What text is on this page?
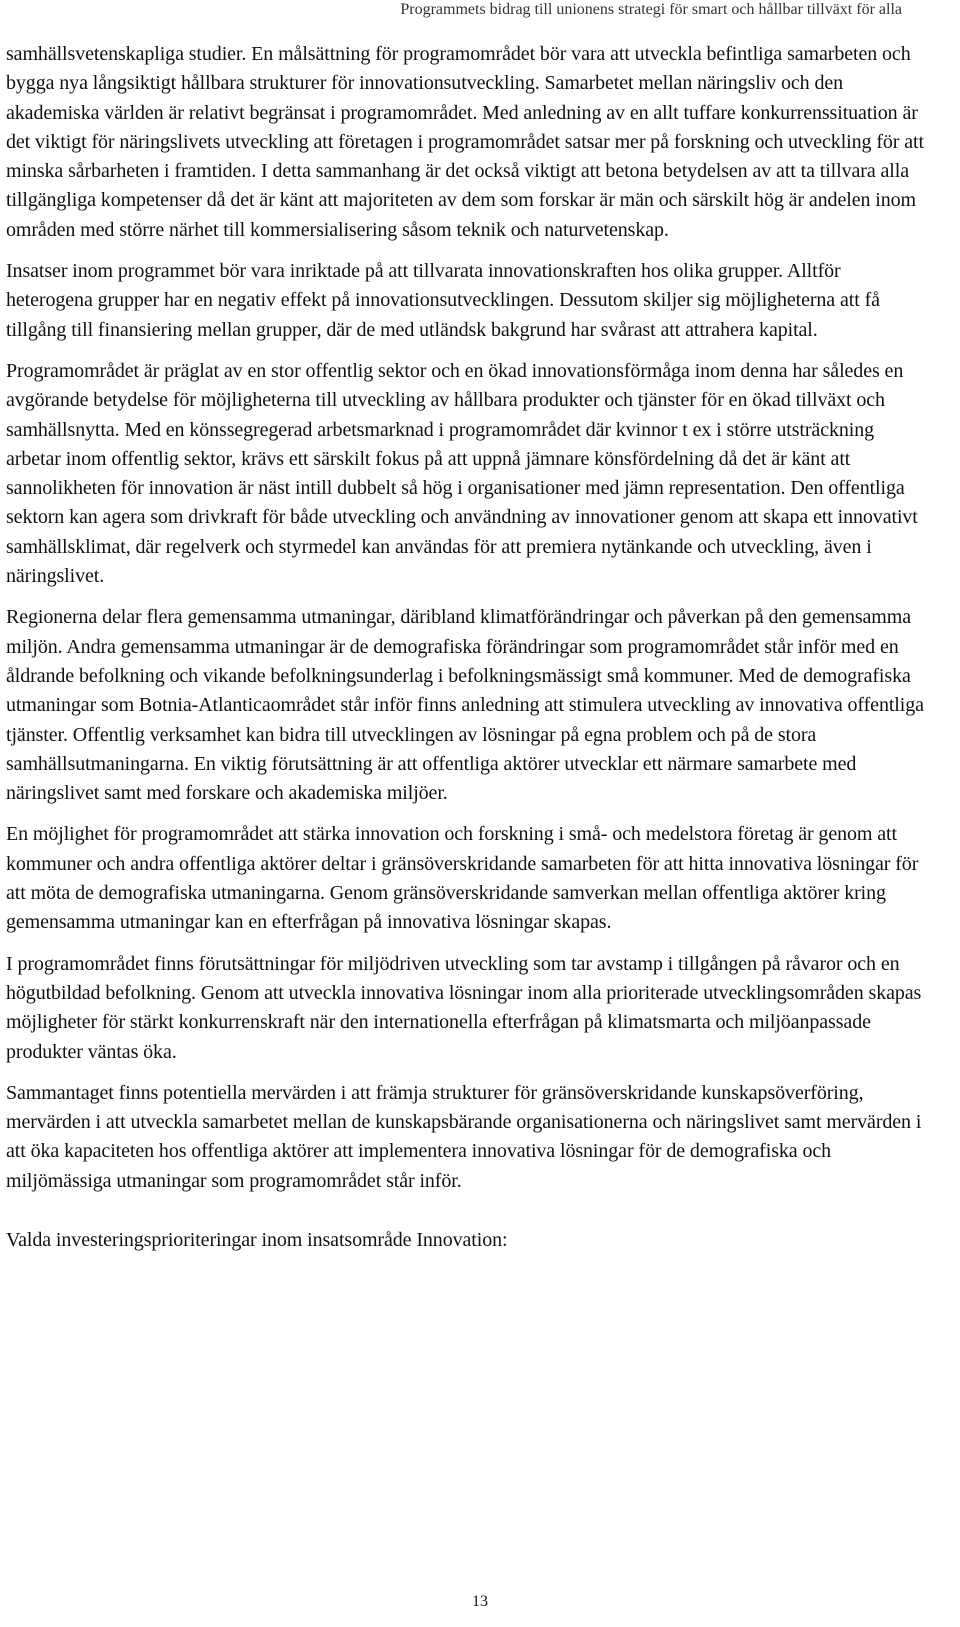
Programmets bidrag till unionens strategi för smart och hållbar tillväxt för alla

samhällsvetenskapliga studier. En målsättning för programområdet bör vara att utveckla befintliga samarbeten och bygga nya långsiktigt hållbara strukturer för innovationsutveckling. Samarbetet mellan näringsliv och den akademiska världen är relativt begränsat i programområdet. Med anledning av en allt tuffare konkurrenssituation är det viktigt för näringslivets utveckling att företagen i programområdet satsar mer på forskning och utveckling för att minska sårbarheten i framtiden. I detta sammanhang är det också viktigt att betona betydelsen av att ta tillvara alla tillgängliga kompetenser då det är känt att majoriteten av dem som forskar är män och särskilt hög är andelen inom områden med större närhet till kommersialisering såsom teknik och naturvetenskap.

Insatser inom programmet bör vara inriktade på att tillvarata innovationskraften hos olika grupper. Alltför heterogena grupper har en negativ effekt på innovationsutvecklingen. Dessutom skiljer sig möjligheterna att få tillgång till finansiering mellan grupper, där de med utländsk bakgrund har svårast att attrahera kapital.

Programområdet är präglat av en stor offentlig sektor och en ökad innovationsförmåga inom denna har således en avgörande betydelse för möjligheterna till utveckling av hållbara produkter och tjänster för en ökad tillväxt och samhällsnytta. Med en könssegregerad arbetsmarknad i programområdet där kvinnor t ex i större utsträckning arbetar inom offentlig sektor, krävs ett särskilt fokus på att uppnå jämnare könsfördelning då det är känt att sannolikheten för innovation är näst intill dubbelt så hög i organisationer med jämn representation. Den offentliga sektorn kan agera som drivkraft för både utveckling och användning av innovationer genom att skapa ett innovativt samhällsklimat, där regelverk och styrmedel kan användas för att premiera nytänkande och utveckling, även i näringslivet.

Regionerna delar flera gemensamma utmaningar, däribland klimatförändringar och påverkan på den gemensamma miljön. Andra gemensamma utmaningar är de demografiska förändringar som programområdet står inför med en åldrande befolkning och vikande befolkningsunderlag i befolkningsmässigt små kommuner. Med de demografiska utmaningar som Botnia-Atlanticaområdet står inför finns anledning att stimulera utveckling av innovativa offentliga tjänster. Offentlig verksamhet kan bidra till utvecklingen av lösningar på egna problem och på de stora samhällsutmaningarna. En viktig förutsättning är att offentliga aktörer utvecklar ett närmare samarbete med näringslivet samt med forskare och akademiska miljöer.

En möjlighet för programområdet att stärka innovation och forskning i små- och medelstora företag är genom att kommuner och andra offentliga aktörer deltar i gränsöverskridande samarbeten för att hitta innovativa lösningar för att möta de demografiska utmaningarna. Genom gränsöverskridande samverkan mellan offentliga aktörer kring gemensamma utmaningar kan en efterfrågan på innovativa lösningar skapas.

I programområdet finns förutsättningar för miljödriven utveckling som tar avstamp i tillgången på råvaror och en högutbildad befolkning. Genom att utveckla innovativa lösningar inom alla prioriterade utvecklingsområden skapas möjligheter för stärkt konkurrenskraft när den internationella efterfrågan på klimatsmarta och miljöanpassade produkter väntas öka.

Sammantaget finns potentiella mervärden i att främja strukturer för gränsöverskridande kunskapsöverföring, mervärden i att utveckla samarbetet mellan de kunskapsbärande organisationerna och näringslivet samt mervärden i att öka kapaciteten hos offentliga aktörer att implementera innovativa lösningar för de demografiska och miljömässiga utmaningar som programområdet står inför.

Valda investeringsprioriteringar inom insatsområde Innovation:

13
